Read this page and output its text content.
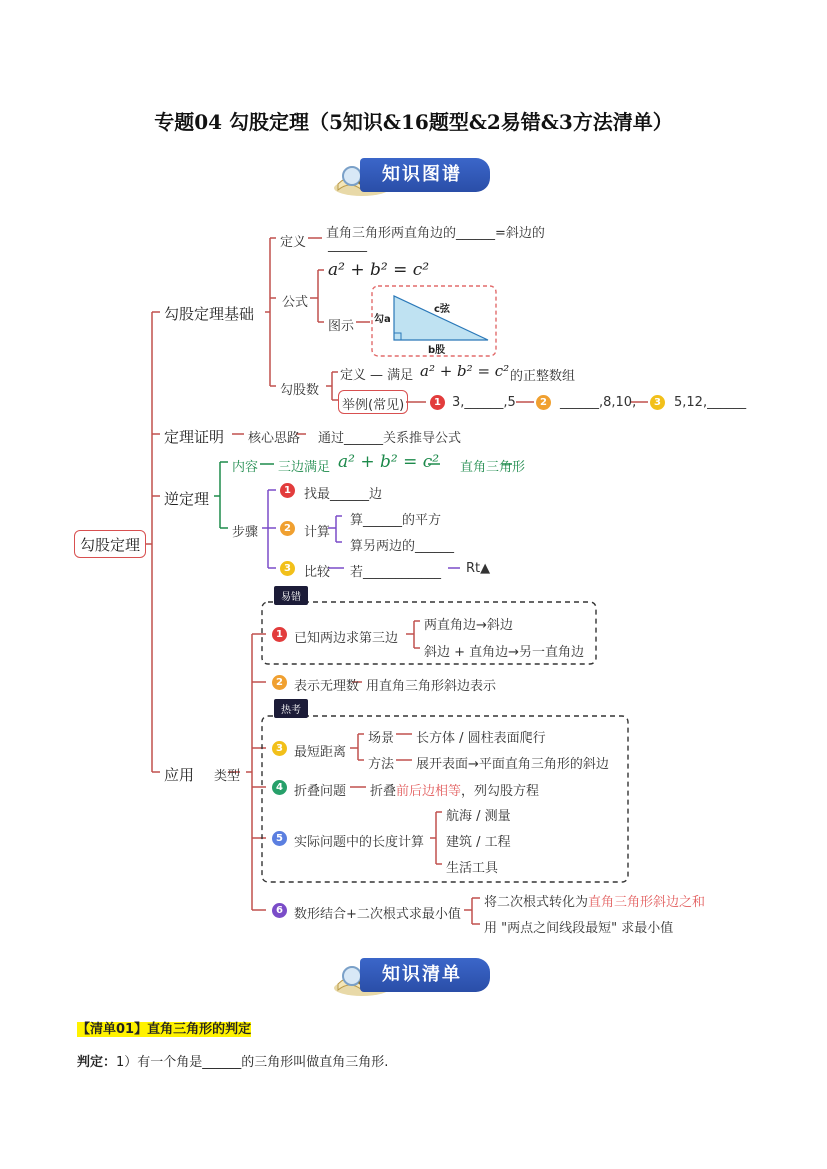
专题04 勾股定理（5知识&16题型&2易错&3方法清单）
知识图谱
勾股定理
勾股定理基础
定义
直角三角形两直角边的______=斜边的
______
公式
a² + b² = c²
图示
c弦
勾a
b股
勾股数
定义 — 满足 a² + b² = c² 的正整数组
举例(常见)	1 3,______,5	2	______,8,10,	3	5,12,______
定理证明 核心思路 通过______关系推导公式
逆定理
内容 三边满足 a² + b² = c² 直角三角形
步骤
1	找最______边
2	计算
算______的平方
算另两边的______
3	比较 若____________ Rt▲
应用 类型
易错
1 已知两边求第三边
两直角边→斜边
斜边 + 直角边→另一直角边
2 表示无理数 用直角三角形斜边表示
热考
3 最短距离
场景 长方体 / 圆柱表面爬行
方法 展开表面→平面直角三角形的斜边
4 折叠问题 折叠前后边相等，列勾股方程
5 实际问题中的长度计算
航海 / 测量
建筑 / 工程
生活工具
6 数形结合+二次根式求最小值
将二次根式转化为直角三角形斜边之和
用 "两点之间线段最短" 求最小值
知识清单
【清单01】直角三角形的判定
判定：1）有一个角是______的三角形叫做直角三角形.
